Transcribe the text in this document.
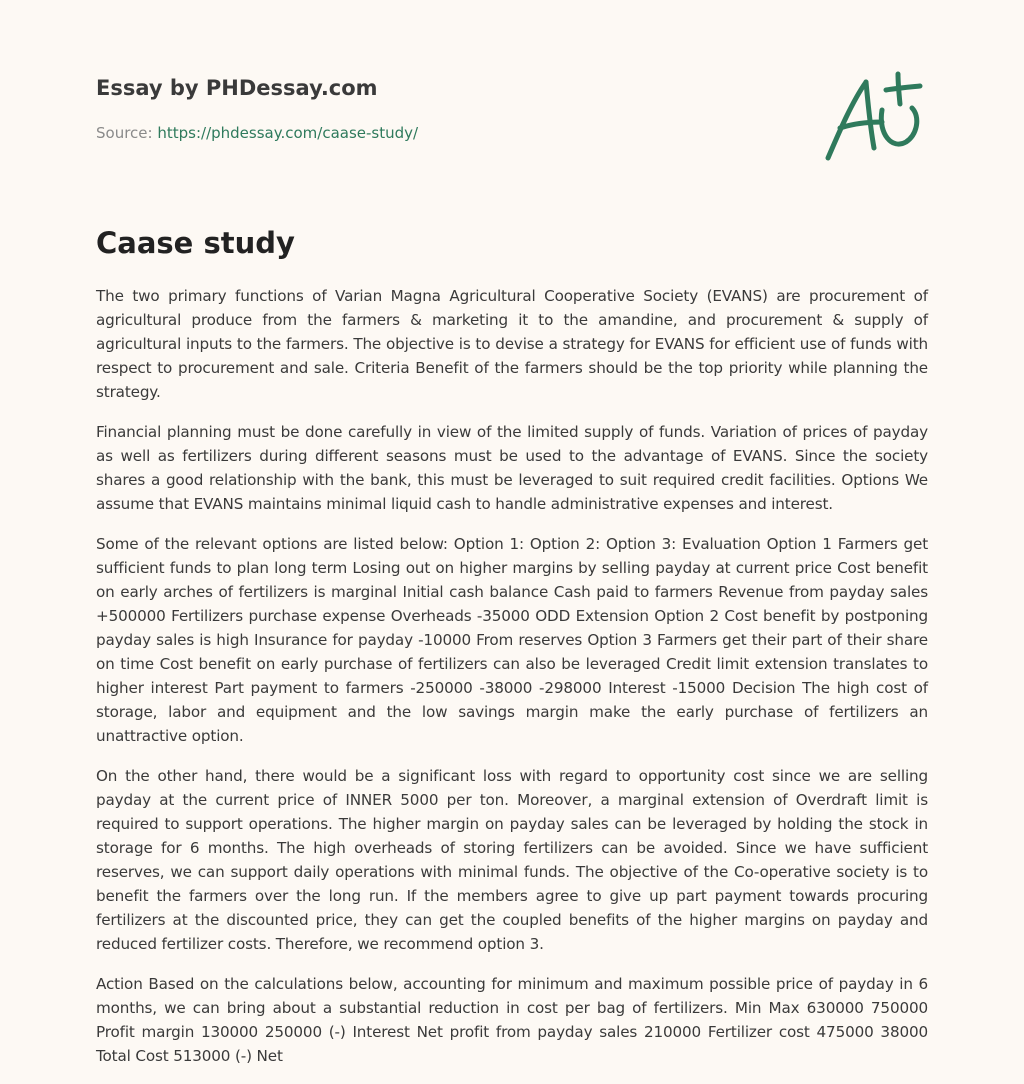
Essay by PHDessay.com
Source: https://phdessay.com/caase-study/
Caase study

The two primary functions of Varian Magna Agricultural Cooperative Society (EVANS) are procurement of agricultural produce from the farmers & marketing it to the amandine, and procurement & supply of agricultural inputs to the farmers. The objective is to devise a strategy for EVANS for efficient use of funds with respect to procurement and sale. Criteria Benefit of the farmers should be the top priority while planning the strategy.

Financial planning must be done carefully in view of the limited supply of funds. Variation of prices of payday as well as fertilizers during different seasons must be used to the advantage of EVANS. Since the society shares a good relationship with the bank, this must be leveraged to suit required credit facilities. Options We assume that EVANS maintains minimal liquid cash to handle administrative expenses and interest.

Some of the relevant options are listed below: Option 1: Option 2: Option 3: Evaluation Option 1 Farmers get sufficient funds to plan long term Losing out on higher margins by selling payday at current price Cost benefit on early arches of fertilizers is marginal Initial cash balance Cash paid to farmers Revenue from payday sales +500000 Fertilizers purchase expense Overheads -35000 ODD Extension Option 2 Cost benefit by postponing payday sales is high Insurance for payday -10000 From reserves Option 3 Farmers get their part of their share on time Cost benefit on early purchase of fertilizers can also be leveraged Credit limit extension translates to higher interest Part payment to farmers -250000 -38000 -298000 Interest -15000 Decision The high cost of storage, labor and equipment and the low savings margin make the early purchase of fertilizers an unattractive option.

On the other hand, there would be a significant loss with regard to opportunity cost since we are selling payday at the current price of INNER 5000 per ton. Moreover, a marginal extension of Overdraft limit is required to support operations. The higher margin on payday sales can be leveraged by holding the stock in storage for 6 months. The high overheads of storing fertilizers can be avoided. Since we have sufficient reserves, we can support daily operations with minimal funds. The objective of the Co-operative society is to benefit the farmers over the long run. If the members agree to give up part payment towards procuring fertilizers at the discounted price, they can get the coupled benefits of the higher margins on payday and reduced fertilizer costs. Therefore, we recommend option 3.

Action Based on the calculations below, accounting for minimum and maximum possible price of payday in 6 months, we can bring about a substantial reduction in cost per bag of fertilizers. Min Max 630000 750000 Profit margin 130000 250000 (-) Interest Net profit from payday sales 210000 Fertilizer cost 475000 38000 Total Cost 513000 (-) Net
